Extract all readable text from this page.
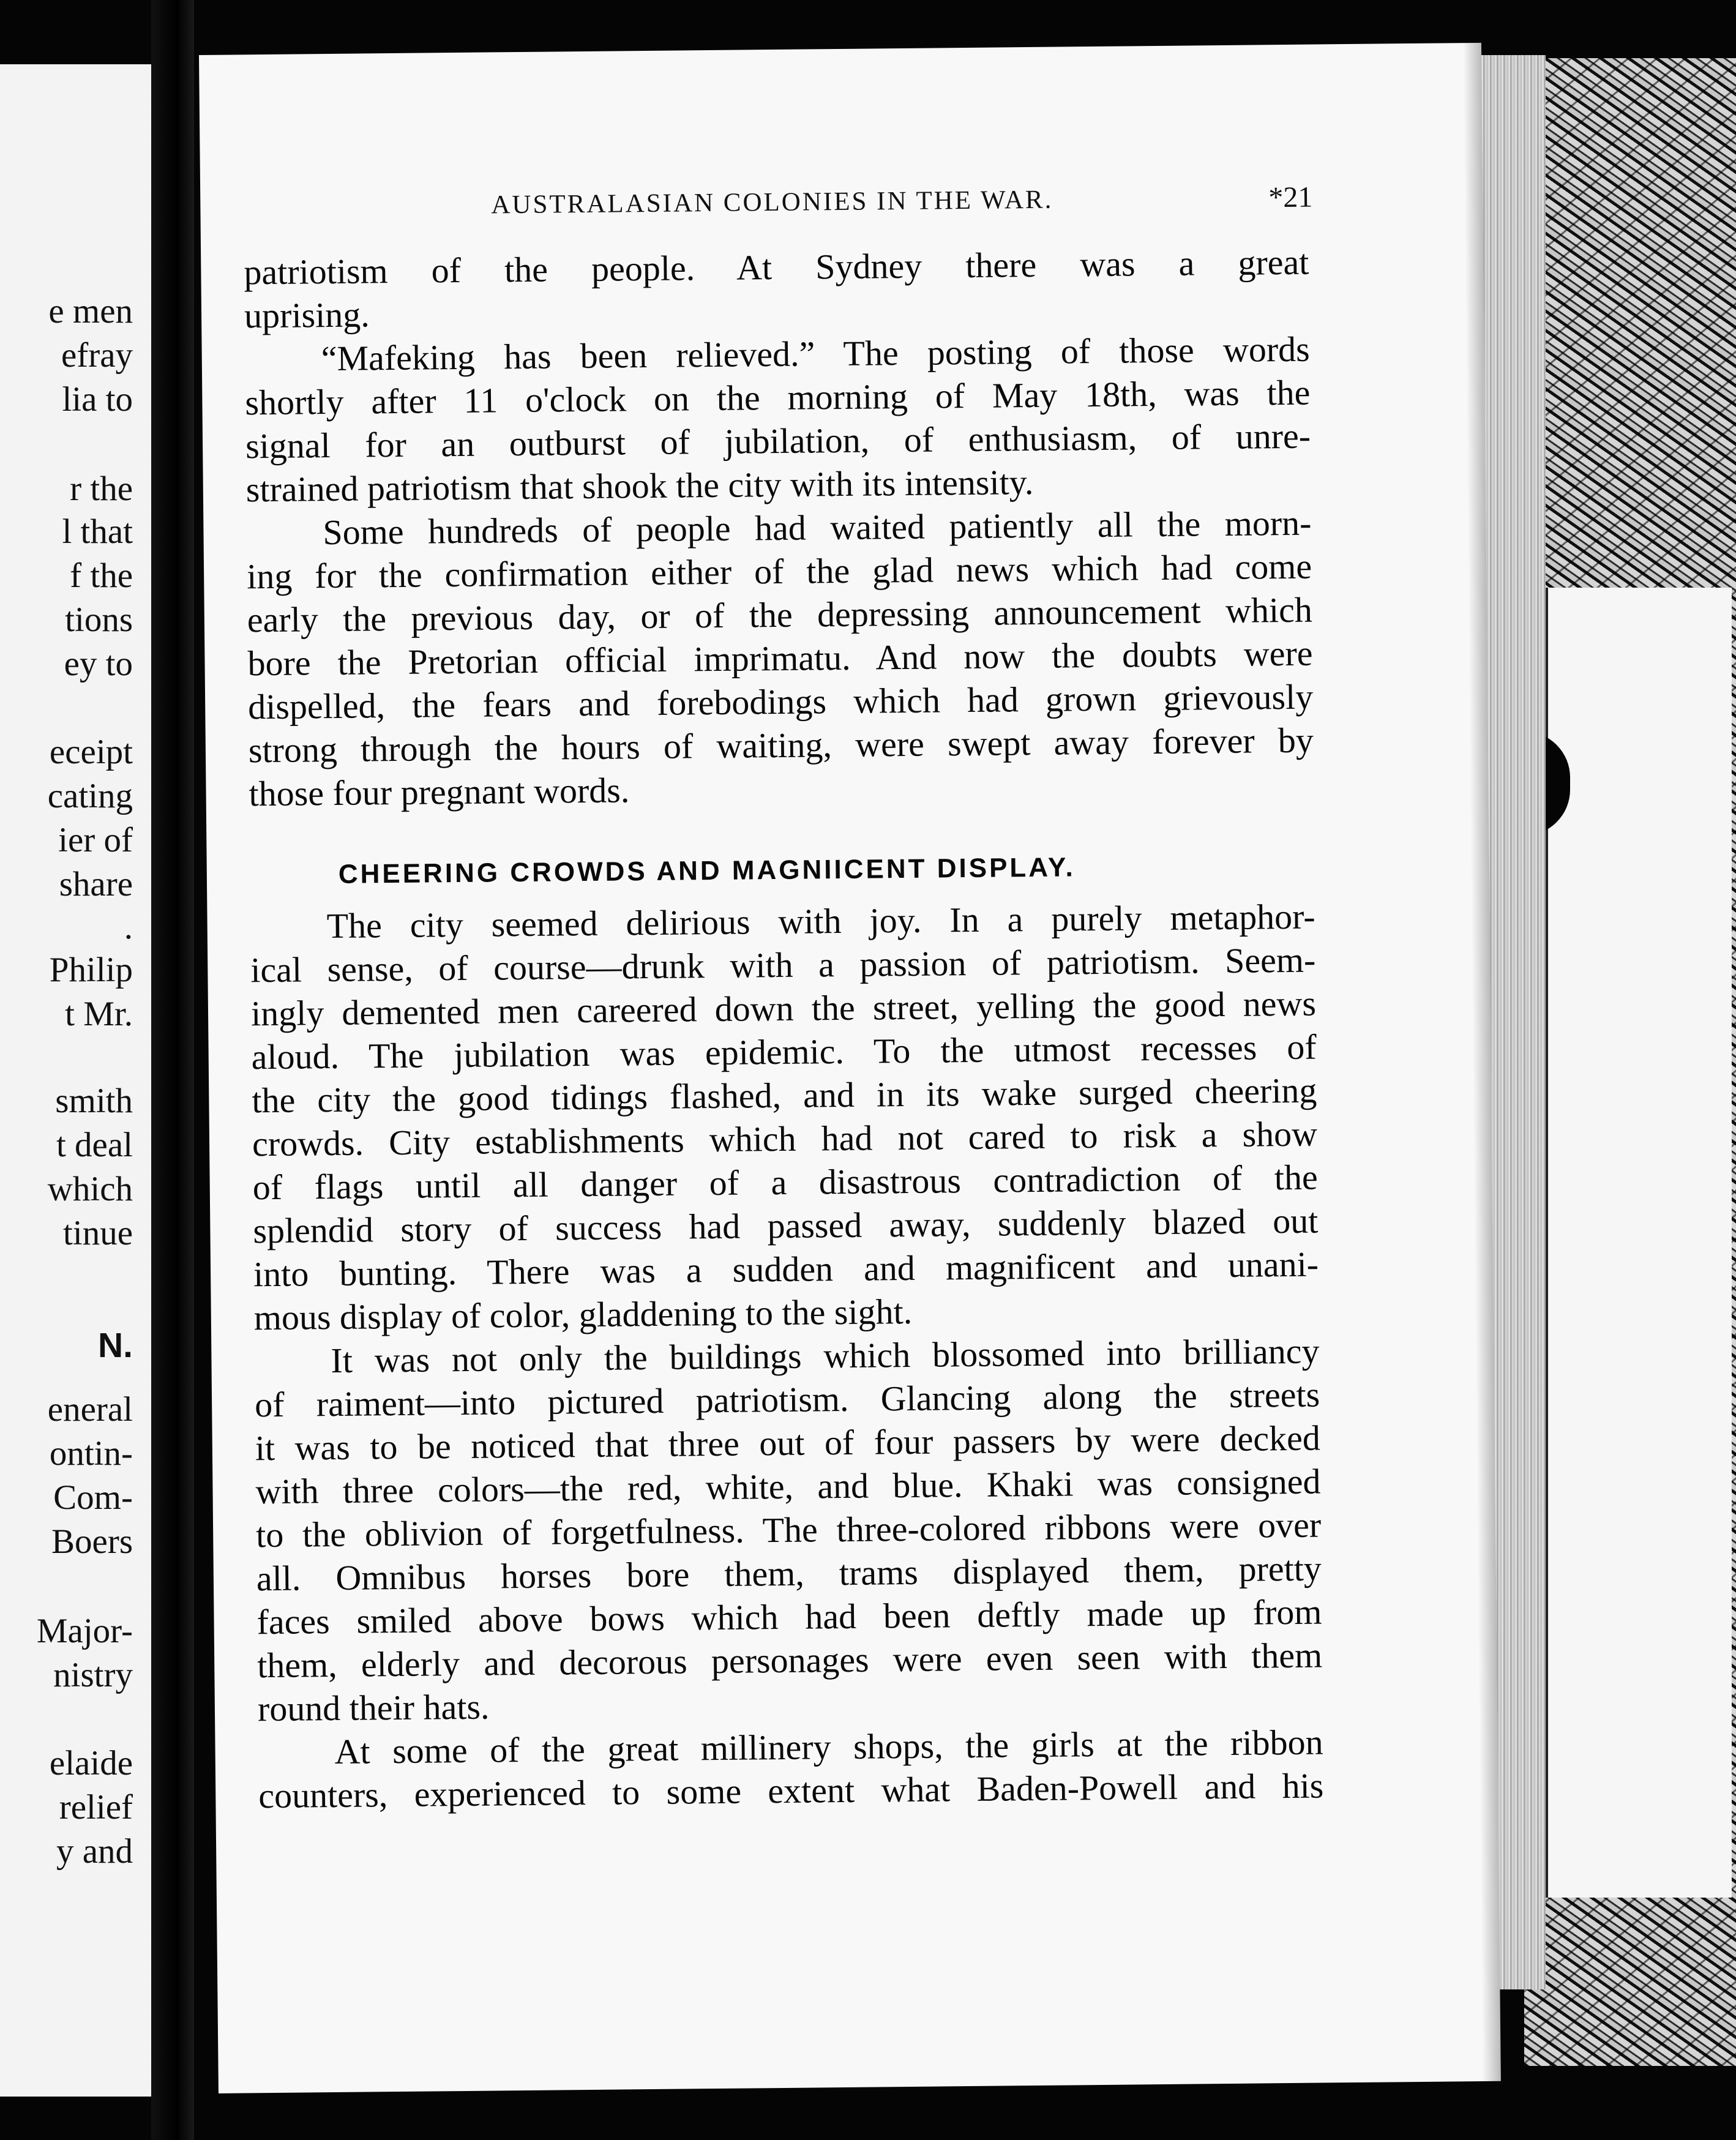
e men
efray
lia to
r the
l that
f the
tions
ey to
eceipt
cating
ier of
share
.
Philip
t Mr.
smith
t deal
which
tinue
N.
eneral
ontin-
Com-
Boers
Major-
nistry
elaide
relief
y and
AUSTRALASIAN COLONIES IN THE WAR.	*21
patriotism of the people. At Sydney there was a great
uprising.
“Mafeking has been relieved.” The posting of those words
shortly after 11 o'clock on the morning of May 18th, was the
signal for an outburst of jubilation, of enthusiasm, of unre-
strained patriotism that shook the city with its intensity.
Some hundreds of people had waited patiently all the morn-
ing for the confirmation either of the glad news which had come
early the previous day, or of the depressing announcement which
bore the Pretorian official imprimatu. And now the doubts were
dispelled, the fears and forebodings which had grown grievously
strong through the hours of waiting, were swept away forever by
those four pregnant words.
CHEERING CROWDS AND MAGNIICENT DISPLAY.
The city seemed delirious with joy. In a purely metaphor-
ical sense, of course—drunk with a passion of patriotism. Seem-
ingly demented men careered down the street, yelling the good news
aloud. The jubilation was epidemic. To the utmost recesses of
the city the good tidings flashed, and in its wake surged cheering
crowds. City establishments which had not cared to risk a show
of flags until all danger of a disastrous contradiction of the
splendid story of success had passed away, suddenly blazed out
into bunting. There was a sudden and magnificent and unani-
mous display of color, gladdening to the sight.
It was not only the buildings which blossomed into brilliancy
of raiment—into pictured patriotism. Glancing along the streets
it was to be noticed that three out of four passers by were decked
with three colors—the red, white, and blue. Khaki was consigned
to the oblivion of forgetfulness. The three-colored ribbons were over
all. Omnibus horses bore them, trams displayed them, pretty
faces smiled above bows which had been deftly made up from
them, elderly and decorous personages were even seen with them
round their hats.
At some of the great millinery shops, the girls at the ribbon
counters, experienced to some extent what Baden-Powell and his
